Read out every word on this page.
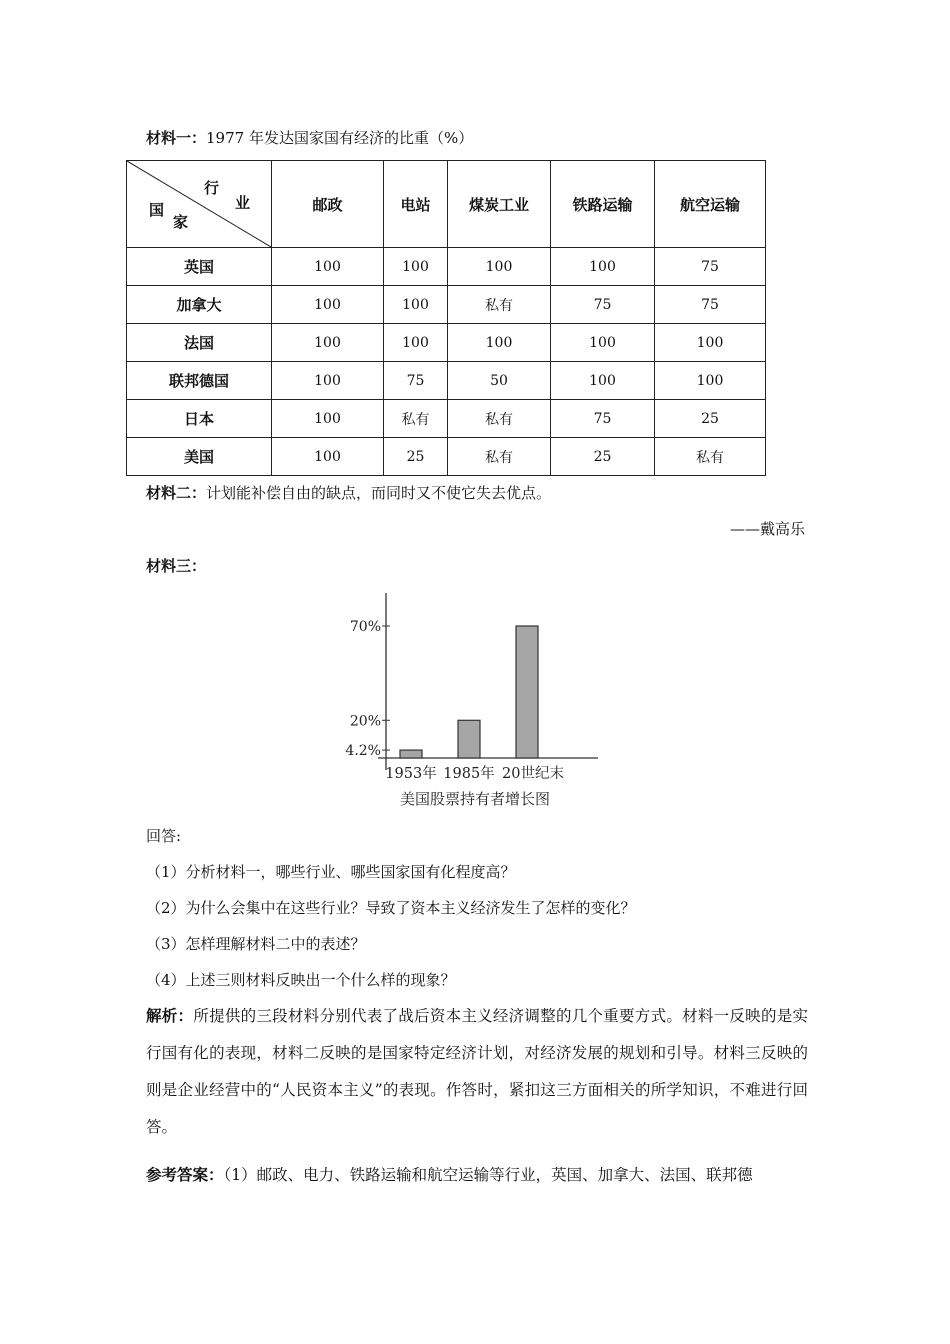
材料一：1977 年发达国家国有经济的比重（%）
行
业
国
家	邮政	电站	煤炭工业	铁路运输	航空运输
英国	100	100	100	100	75
加拿大	100	100	私有	75	75
法国	100	100	100	100	100
联邦德国	100	75	50	100	100
日本	100	私有	私有	75	25
美国	100	25	私有	25	私有
材料二：计划能补偿自由的缺点，而同时又不使它失去优点。
——戴高乐
材料三：
4.2%
1953年
20%
1985年
70%
20世纪末
美国股票持有者增长图
回答:
（1）分析材料一，哪些行业、哪些国家国有化程度高？
（2）为什么会集中在这些行业？导致了资本主义经济发生了怎样的变化？
（3）怎样理解材料二中的表述？
（4）上述三则材料反映出一个什么样的现象？
解析：所提供的三段材料分别代表了战后资本主义经济调整的几个重要方式。材料一反映的是实行国有化的表现，材料二反映的是国家特定经济计划，对经济发展的规划和引导。材料三反映的则是企业经营中的“人民资本主义”的表现。作答时，紧扣这三方面相关的所学知识，不难进行回答。
参考答案：（1）邮政、电力、铁路运输和航空运输等行业，英国、加拿大、法国、联邦德
